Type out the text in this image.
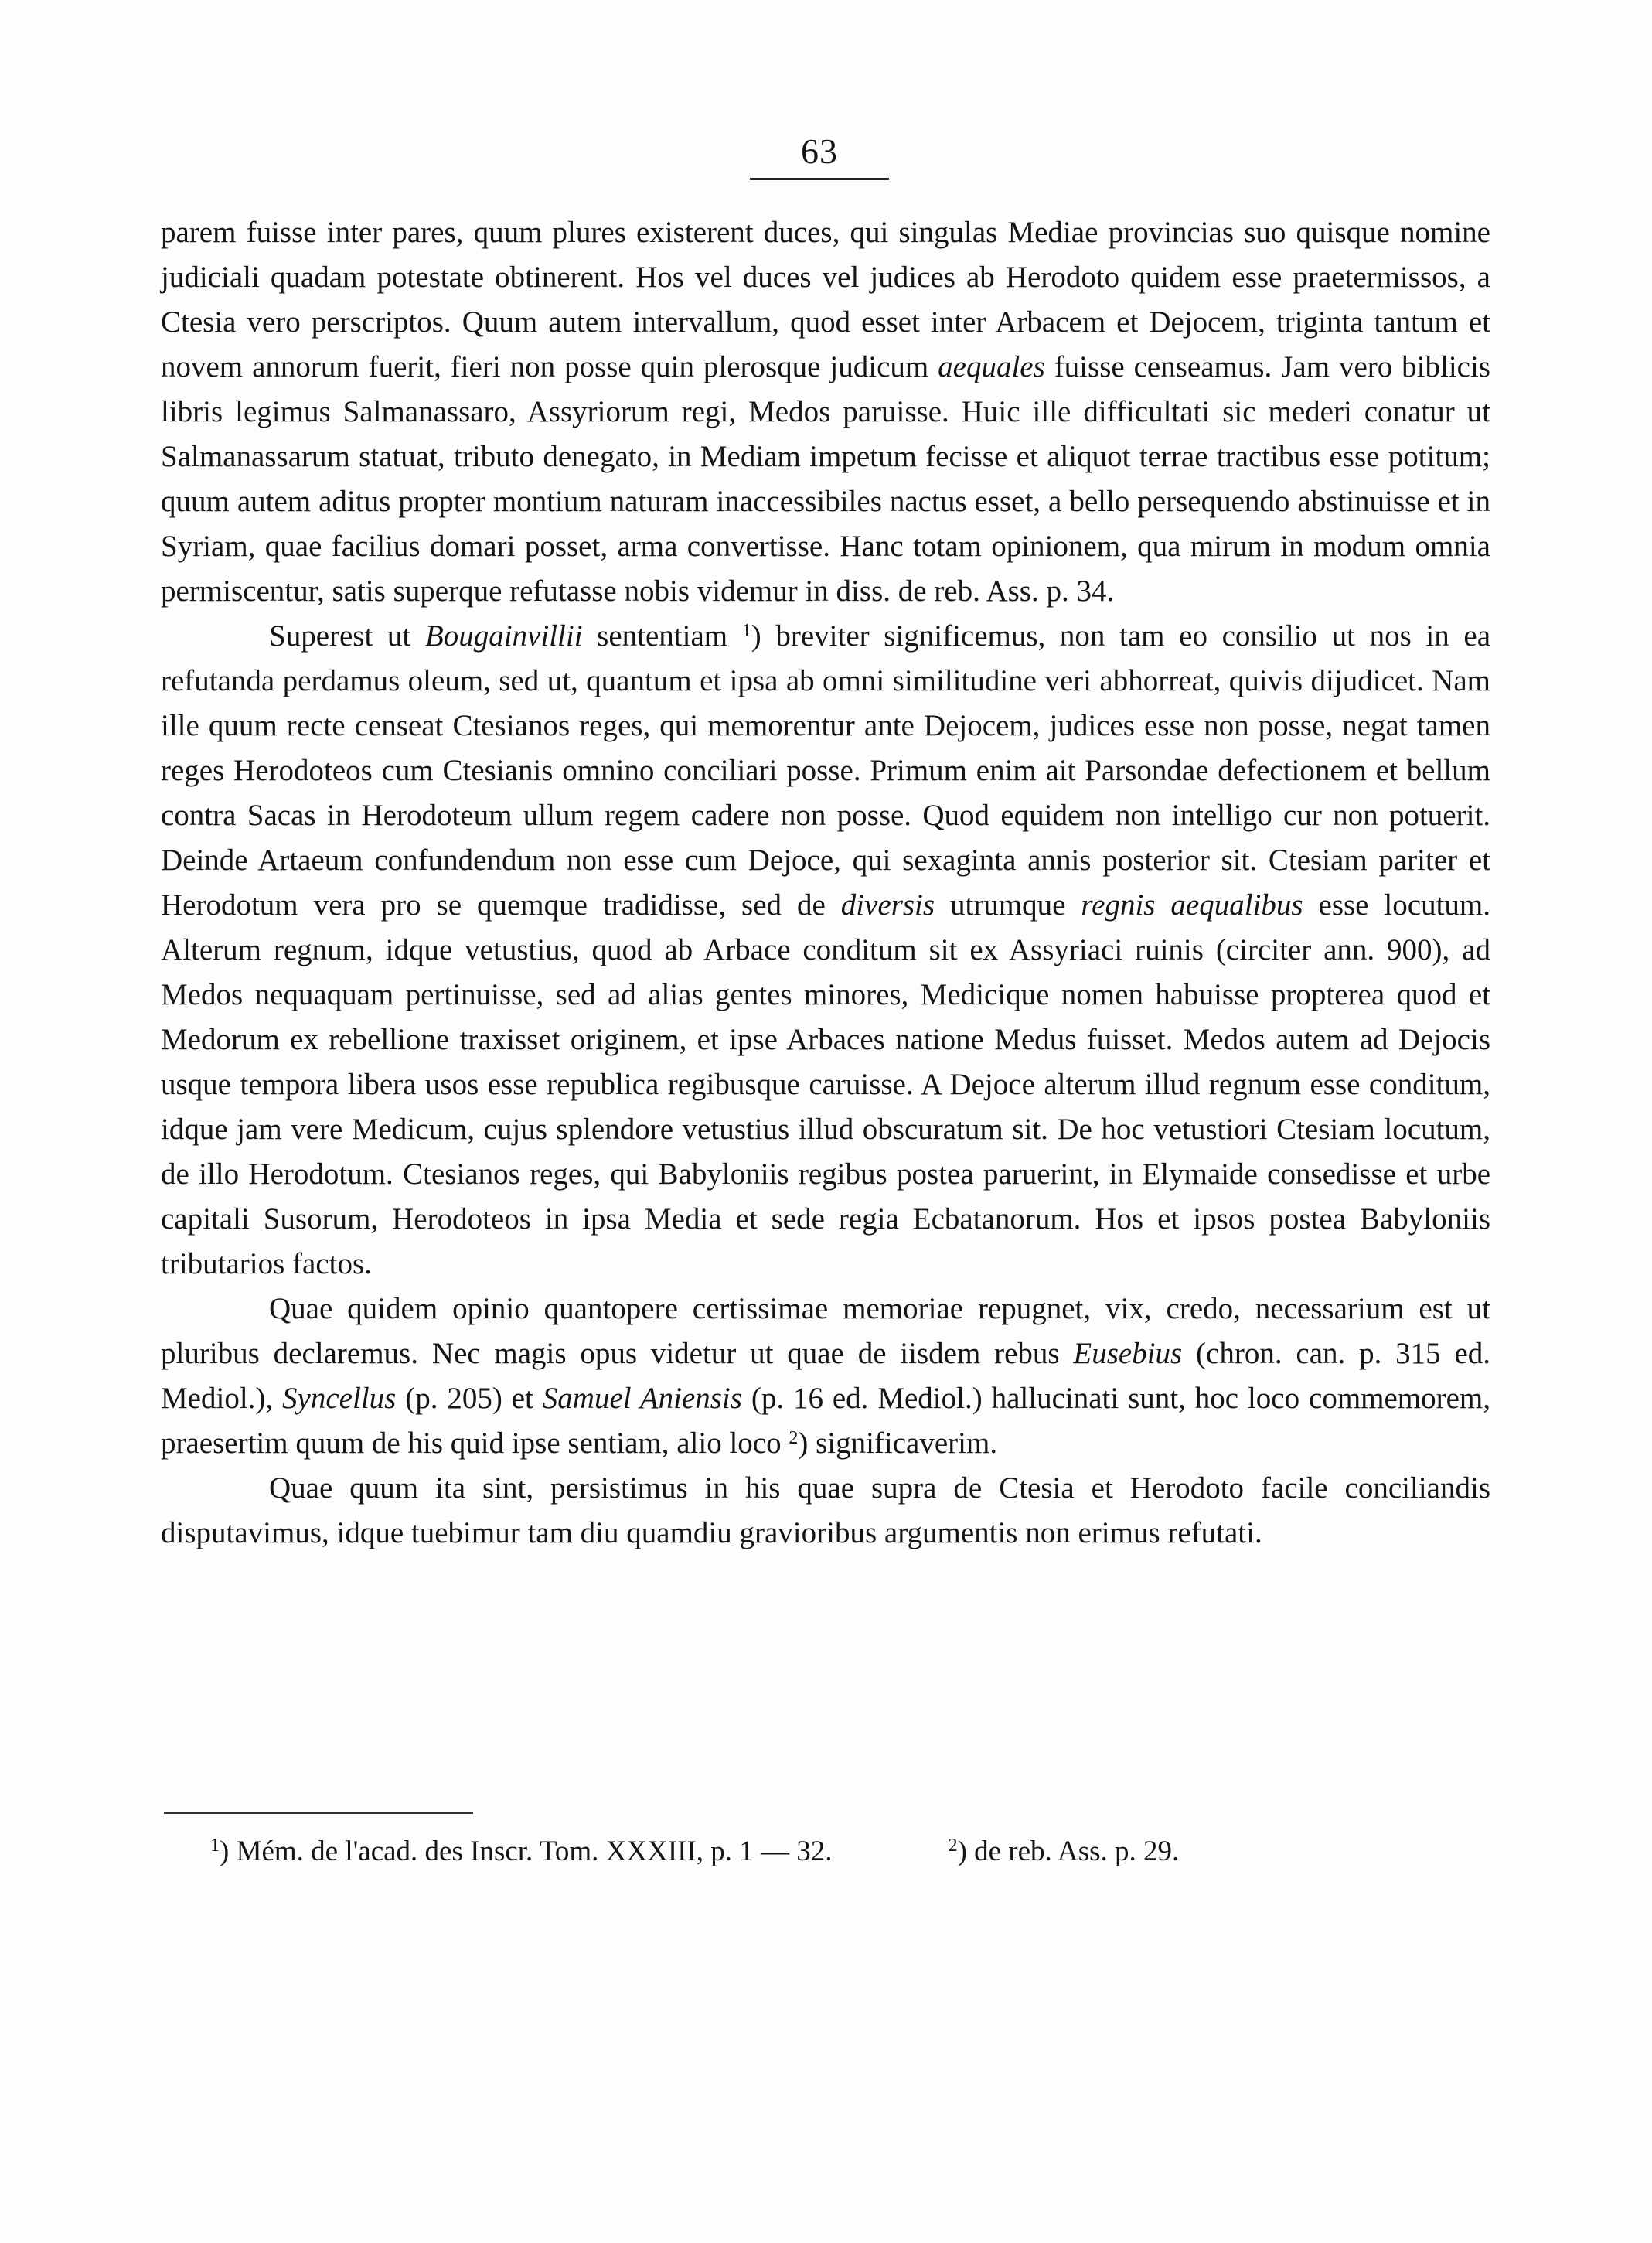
63

parem fuisse inter pares, quum plures existerent duces, qui singulas Mediae provincias suo quisque nomine judiciali quadam potestate obtinerent. Hos vel duces vel judices ab Herodoto quidem esse praetermissos, a Ctesia vero perscriptos. Quum autem intervallum, quod esset inter Arbacem et Dejocem, triginta tantum et novem annorum fuerit, fieri non posse quin plerosque judicum aequales fuisse censeamus. Jam vero biblicis libris legimus Salmanassaro, Assyriorum regi, Medos paruisse. Huic ille difficultati sic mederi conatur ut Salmanassarum statuat, tributo denegato, in Mediam impetum fecisse et aliquot terrae tractibus esse potitum; quum autem aditus propter montium naturam inaccessibiles nactus esset, a bello persequendo abstinuisse et in Syriam, quae facilius domari posset, arma convertisse. Hanc totam opinionem, qua mirum in modum omnia permiscentur, satis superque refutasse nobis videmur in diss. de reb. Ass. p. 34.

Superest ut Bougainvillii sententiam $^1$) breviter significemus, non tam eo consilio ut nos in ea refutanda perdamus oleum, sed ut, quantum et ipsa ab omni similitudine veri abhorreat, quivis dijudicet. Nam ille quum recte censeat Ctesianos reges, qui memorentur ante Dejocem, judices esse non posse, negat tamen reges Herodoteos cum Ctesianis omnino conciliari posse. Primum enim ait Parsondae defectionem et bellum contra Sacas in Herodoteum ullum regem cadere non posse. Quod equidem non intelligo cur non potuerit. Deinde Artaeum confundendum non esse cum Dejoce, qui sexaginta annis posterior sit. Ctesiam pariter et Herodotum vera pro se quemque tradidisse, sed de diversis utrumque regnis aequalibus esse locutum. Alterum regnum, idque vetustius, quod ab Arbace conditum sit ex Assyriaci ruinis (circiter ann. 900), ad Medos nequaquam pertinuisse, sed ad alias gentes minores, Medicique nomen habuisse propterea quod et Medorum ex rebellione traxisset originem, et ipse Arbaces natione Medus fuisset. Medos autem ad Dejocis usque tempora libera usos esse republica regibusque caruisse. A Dejoce alterum illud regnum esse conditum, idque jam vere Medicum, cujus splendore vetustius illud obscuratum sit. De hoc vetustiori Ctesiam locutum, de illo Herodotum. Ctesianos reges, qui Babyloniis regibus postea paruerint, in Elymaide consedisse et urbe capitali Susorum, Herodoteos in ipsa Media et sede regia Ecbatanorum. Hos et ipsos postea Babyloniis tributarios factos.

Quae quidem opinio quantopere certissimae memoriae repugnet, vix, credo, necessarium est ut pluribus declaremus. Nec magis opus videtur ut quae de iisdem rebus Eusebius (chron. can. p. 315 ed. Mediol.), Syncellus (p. 205) et Samuel Aniensis (p. 16 ed. Mediol.) hallucinati sunt, hoc loco commemorem, praesertim quum de his quid ipse sentiam, alio loco $^2$) significaverim.

Quae quum ita sint, persistimus in his quae supra de Ctesia et Herodoto facile conciliandis disputavimus, idque tuebimur tam diu quamdiu gravioribus argumentis non erimus refutati.

$^1$) Mém. de l'acad. des Inscr. Tom. XXXIII, p. 1 — 32.	$^2$) de reb. Ass. p. 29.
